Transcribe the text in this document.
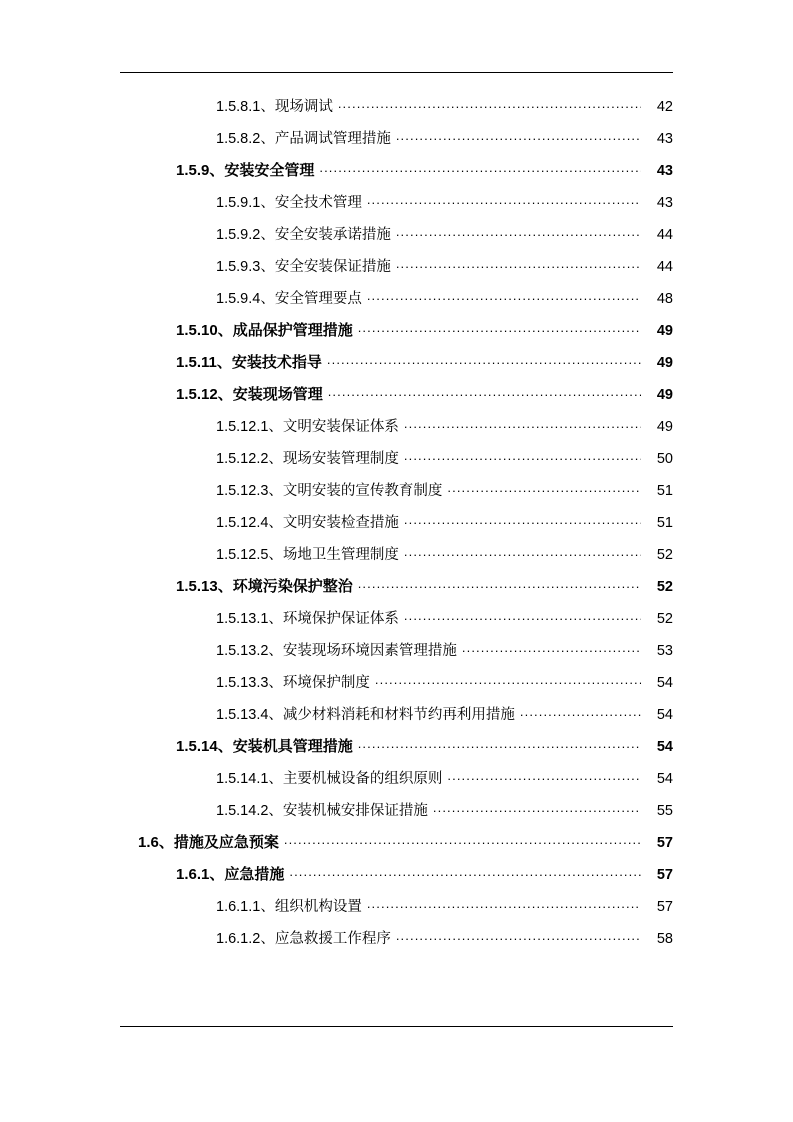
1.5.8.1、现场调试 .....	42
1.5.8.2、产品调试管理措施 .....	43
1.5.9、安装安全管理 .....	43
1.5.9.1、安全技术管理 .....	43
1.5.9.2、安全安装承诺措施 .....	44
1.5.9.3、安全安装保证措施 .....	44
1.5.9.4、安全管理要点 .....	48
1.5.10、成品保护管理措施 .....	49
1.5.11、安装技术指导 .....	49
1.5.12、安装现场管理 .....	49
1.5.12.1、文明安装保证体系 .....	49
1.5.12.2、现场安装管理制度 .....	50
1.5.12.3、文明安装的宣传教育制度 .....	51
1.5.12.4、文明安装检查措施 .....	51
1.5.12.5、场地卫生管理制度 .....	52
1.5.13、环境污染保护整治 .....	52
1.5.13.1、环境保护保证体系 .....	52
1.5.13.2、安装现场环境因素管理措施 .....	53
1.5.13.3、环境保护制度 .....	54
1.5.13.4、减少材料消耗和材料节约再利用措施 .....	54
1.5.14、安装机具管理措施 .....	54
1.5.14.1、主要机械设备的组织原则 .....	54
1.5.14.2、安装机械安排保证措施 .....	55
1.6、措施及应急预案 .....	57
1.6.1、应急措施 .....	57
1.6.1.1、组织机构设置 .....	57
1.6.1.2、应急救援工作程序 .....	58
